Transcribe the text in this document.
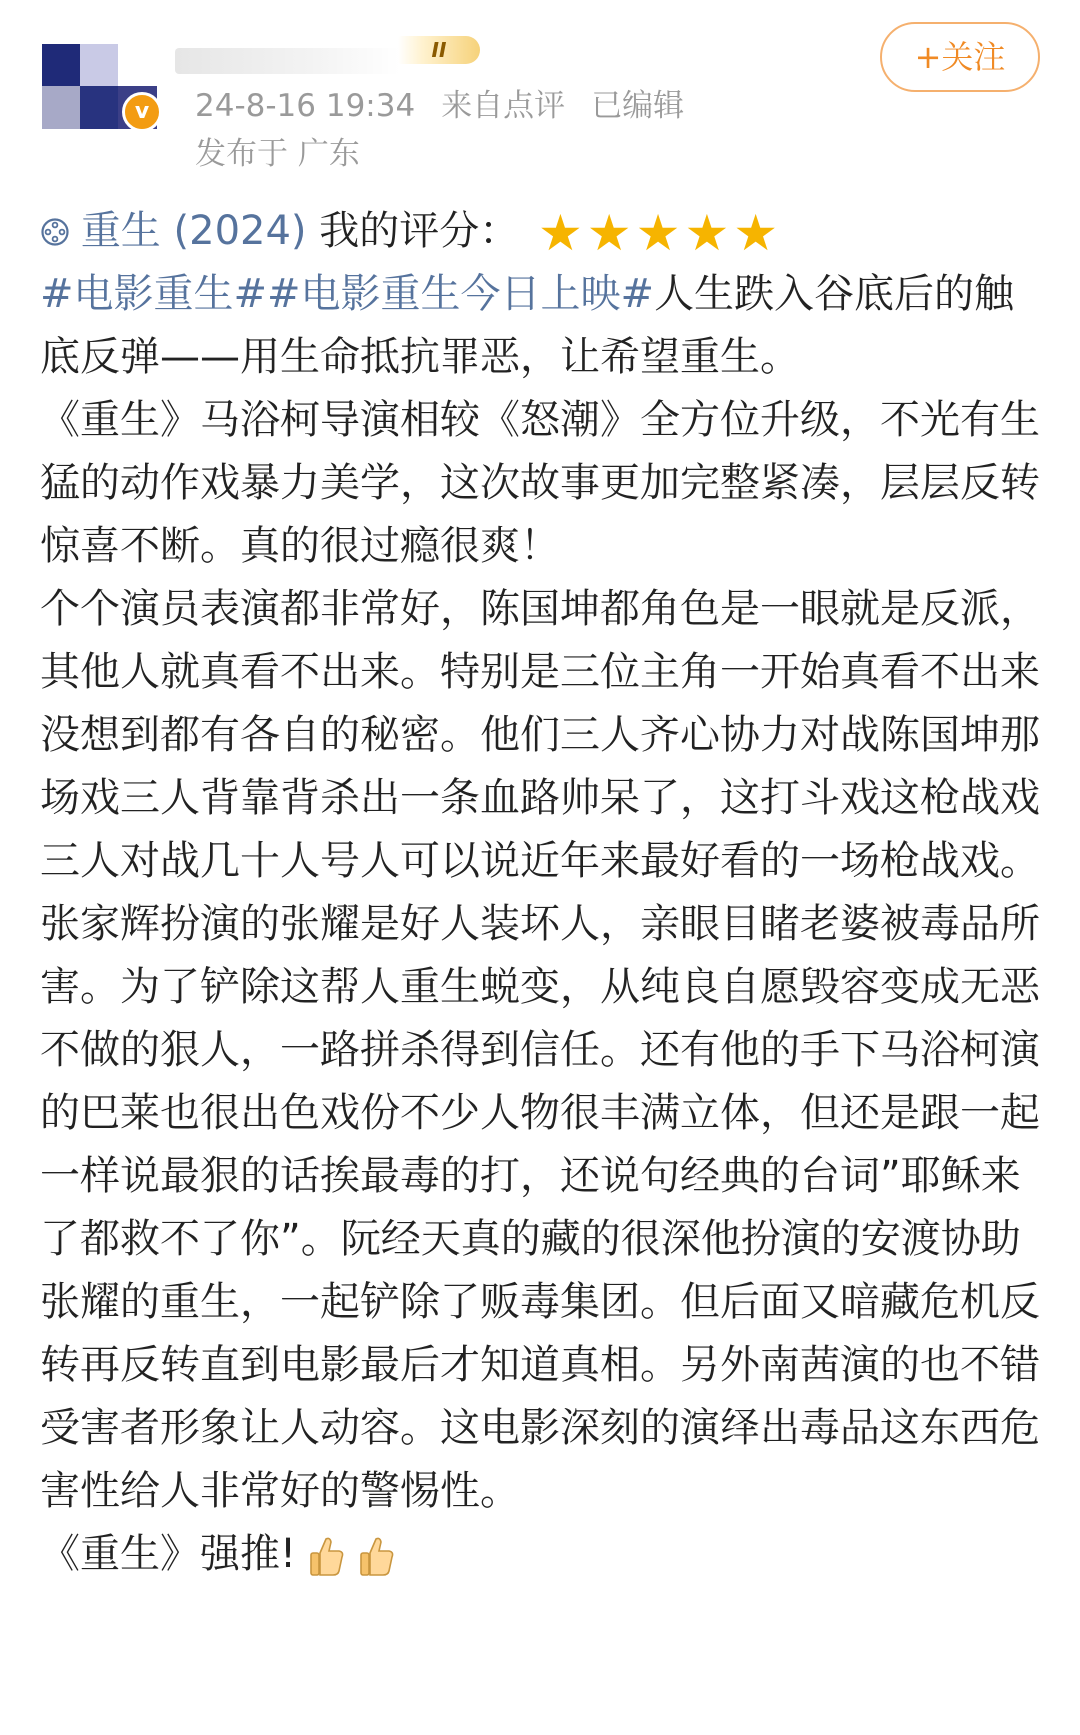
v
II
24-8-16 19:34 来自点评 已编辑
发布于 广东
+关注
重生 (2024) 我的评分： ★★★★★

#电影重生##电影重生今日上映#人生跌入谷底后的触底反弹——用生命抵抗罪恶，让希望重生。

《重生》马浴柯导演相较《怒潮》全方位升级，不光有生猛的动作戏暴力美学，这次故事更加完整紧凑，层层反转惊喜不断。真的很过瘾很爽！

个个演员表演都非常好，陈国坤都角色是一眼就是反派，其他人就真看不出来。特别是三位主角一开始真看不出来没想到都有各自的秘密。他们三人齐心协力对战陈国坤那场戏三人背靠背杀出一条血路帅呆了，这打斗戏这枪战戏三人对战几十人号人可以说近年来最好看的一场枪战戏。张家辉扮演的张耀是好人装坏人，亲眼目睹老婆被毒品所害。为了铲除这帮人重生蜕变，从纯良自愿毁容变成无恶不做的狠人，一路拼杀得到信任。还有他的手下马浴柯演的巴莱也很出色戏份不少人物很丰满立体，但还是跟一起一样说最狠的话挨最毒的打，还说句经典的台词”耶稣来了都救不了你”。阮经天真的藏的很深他扮演的安渡协助张耀的重生，一起铲除了贩毒集团。但后面又暗藏危机反转再反转直到电影最后才知道真相。另外南茜演的也不错受害者形象让人动容。这电影深刻的演绎出毒品这东西危害性给人非常好的警惕性。

《重生》强推!
